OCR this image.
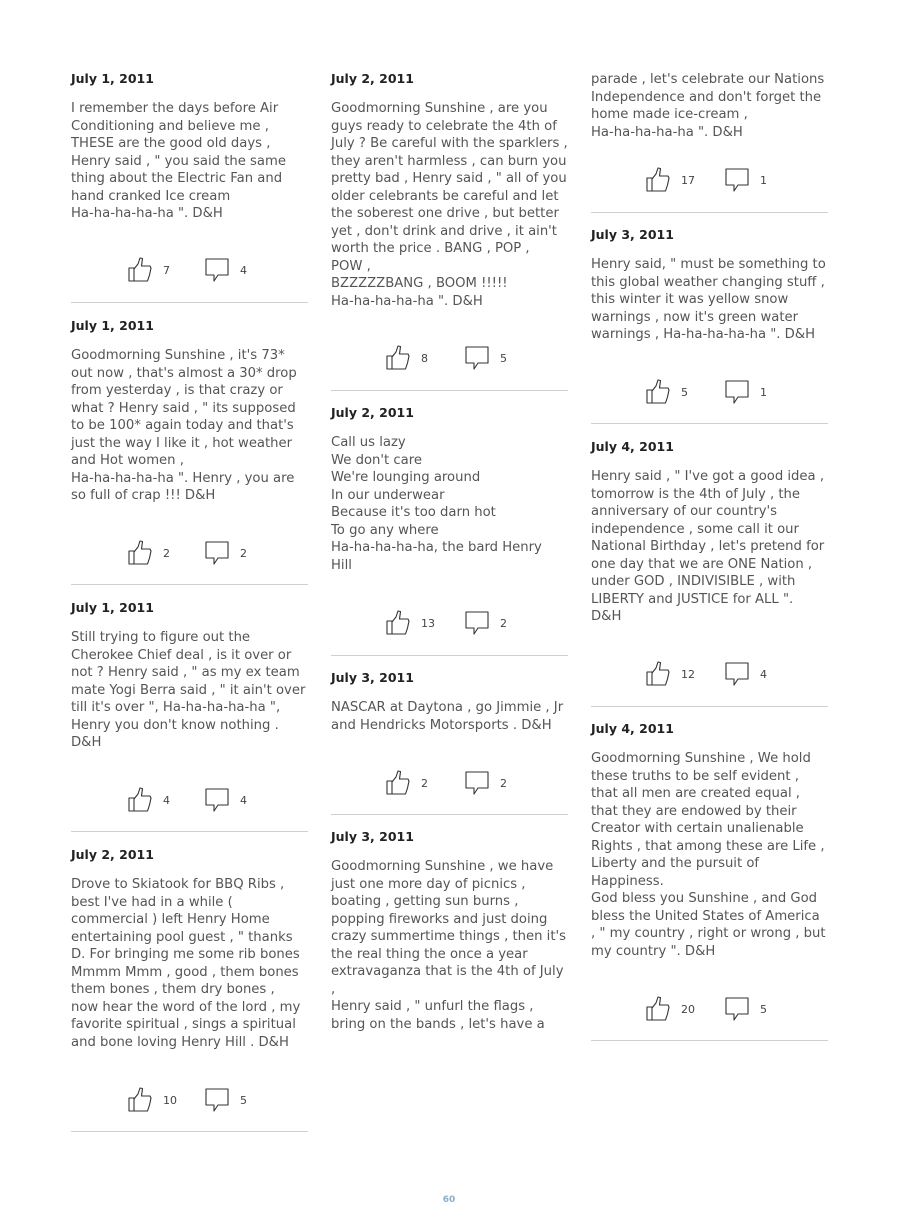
July 1, 2011
I remember the days before Air
Conditioning and believe me ,
THESE are the good old days ,
Henry said , " you said the same
thing about the Electric Fan and
hand cranked Ice cream
Ha-ha-ha-ha-ha ". D&H
7	4
July 1, 2011
Goodmorning Sunshine , it's 73*
out now , that's almost a 30* drop
from yesterday , is that crazy or
what ? Henry said , " its supposed
to be 100* again today and that's
just the way I like it , hot weather
and Hot women ,
Ha-ha-ha-ha-ha ". Henry , you are
so full of crap !!! D&H
2	2
July 1, 2011
Still trying to figure out the
Cherokee Chief deal , is it over or
not ? Henry said , " as my ex team
mate Yogi Berra said , " it ain't over
till it's over ", Ha-ha-ha-ha-ha ",
Henry you don't know nothing .
D&H
4	4
July 2, 2011
Drove to Skiatook for BBQ Ribs ,
best I've had in a while (
commercial ) left Henry Home
entertaining pool guest , " thanks
D. For bringing me some rib bones
Mmmm Mmm , good , them bones
them bones , them dry bones ,
now hear the word of the lord , my
favorite spiritual , sings a spiritual
and bone loving Henry Hill . D&H
10	5
July 2, 2011
Goodmorning Sunshine , are you
guys ready to celebrate the 4th of
July ? Be careful with the sparklers ,
they aren't harmless , can burn you
pretty bad , Henry said , " all of you
older celebrants be careful and let
the soberest one drive , but better
yet , don't drink and drive , it ain't
worth the price . BANG , POP ,
POW ,
BZZZZZBANG , BOOM !!!!!
Ha-ha-ha-ha-ha ". D&H
8	5
July 2, 2011
Call us lazy
We don't care
We're lounging around
In our underwear
Because it's too darn hot
To go any where
Ha-ha-ha-ha-ha, the bard Henry
Hill
13	2
July 3, 2011
NASCAR at Daytona , go Jimmie , Jr
and Hendricks Motorsports . D&H
2	2
July 3, 2011
Goodmorning Sunshine , we have
just one more day of picnics ,
boating , getting sun burns ,
popping fireworks and just doing
crazy summertime things , then it's
the real thing the once a year
extravaganza that is the 4th of July ,
Henry said , " unfurl the flags ,
bring on the bands , let's have a
parade , let's celebrate our Nations
Independence and don't forget the
home made ice-cream ,
Ha-ha-ha-ha-ha ". D&H
17	1
July 3, 2011
Henry said, " must be something to
this global weather changing stuff ,
this winter it was yellow snow
warnings , now it's green water
warnings , Ha-ha-ha-ha-ha ". D&H
5	1
July 4, 2011
Henry said , " I've got a good idea ,
tomorrow is the 4th of July , the
anniversary of our country's
independence , some call it our
National Birthday , let's pretend for
one day that we are ONE Nation ,
under GOD , INDIVISIBLE , with
LIBERTY and JUSTICE for ALL ".
D&H
12	4
July 4, 2011
Goodmorning Sunshine , We hold
these truths to be self evident ,
that all men are created equal ,
that they are endowed by their
Creator with certain unalienable
Rights , that among these are Life ,
Liberty and the pursuit of
Happiness.
God bless you Sunshine , and God
bless the United States of America
, " my country , right or wrong , but
my country ". D&H
20	5
60
